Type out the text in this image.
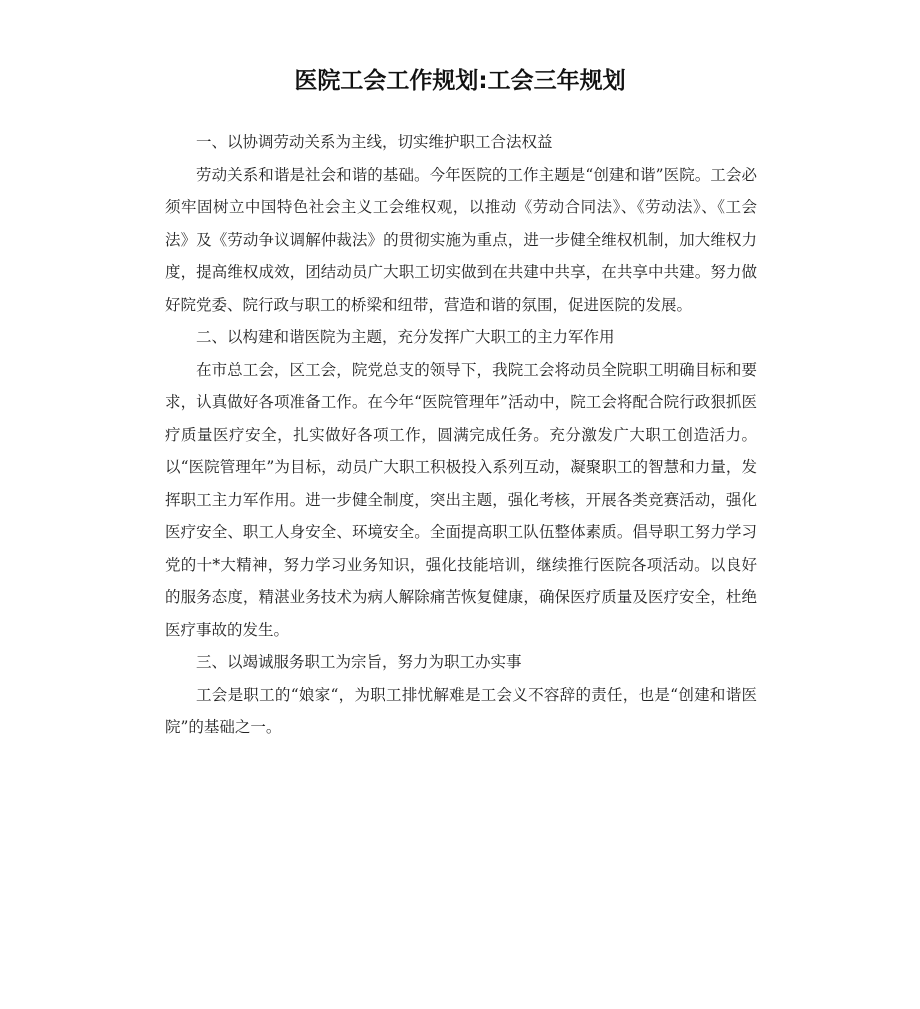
医院工会工作规划:工会三年规划

一、以协调劳动关系为主线，切实维护职工合法权益

劳动关系和谐是社会和谐的基础。今年医院的工作主题是“创建和谐”医院。工会必须牢固树立中国特色社会主义工会维权观，以推动《劳动合同法》、《劳动法》、《工会法》及《劳动争议调解仲裁法》的贯彻实施为重点，进一步健全维权机制，加大维权力度，提高维权成效，团结动员广大职工切实做到在共建中共享，在共享中共建。努力做好院党委、院行政与职工的桥梁和纽带，营造和谐的氛围，促进医院的发展。

二、以构建和谐医院为主题，充分发挥广大职工的主力军作用

在市总工会，区工会，院党总支的领导下，我院工会将动员全院职工明确目标和要求，认真做好各项准备工作。在今年“医院管理年”活动中，院工会将配合院行政狠抓医疗质量医疗安全，扎实做好各项工作，圆满完成任务。充分激发广大职工创造活力。以“医院管理年”为目标，动员广大职工积极投入系列互动，凝聚职工的智慧和力量，发挥职工主力军作用。进一步健全制度，突出主题，强化考核，开展各类竞赛活动，强化医疗安全、职工人身安全、环境安全。全面提高职工队伍整体素质。倡导职工努力学习党的十*大精神，努力学习业务知识，强化技能培训，继续推行医院各项活动。以良好的服务态度，精湛业务技术为病人解除痛苦恢复健康，确保医疗质量及医疗安全，杜绝医疗事故的发生。

三、以竭诚服务职工为宗旨，努力为职工办实事

工会是职工的“娘家“，为职工排忧解难是工会义不容辞的责任，也是“创建和谐医院”的基础之一。
